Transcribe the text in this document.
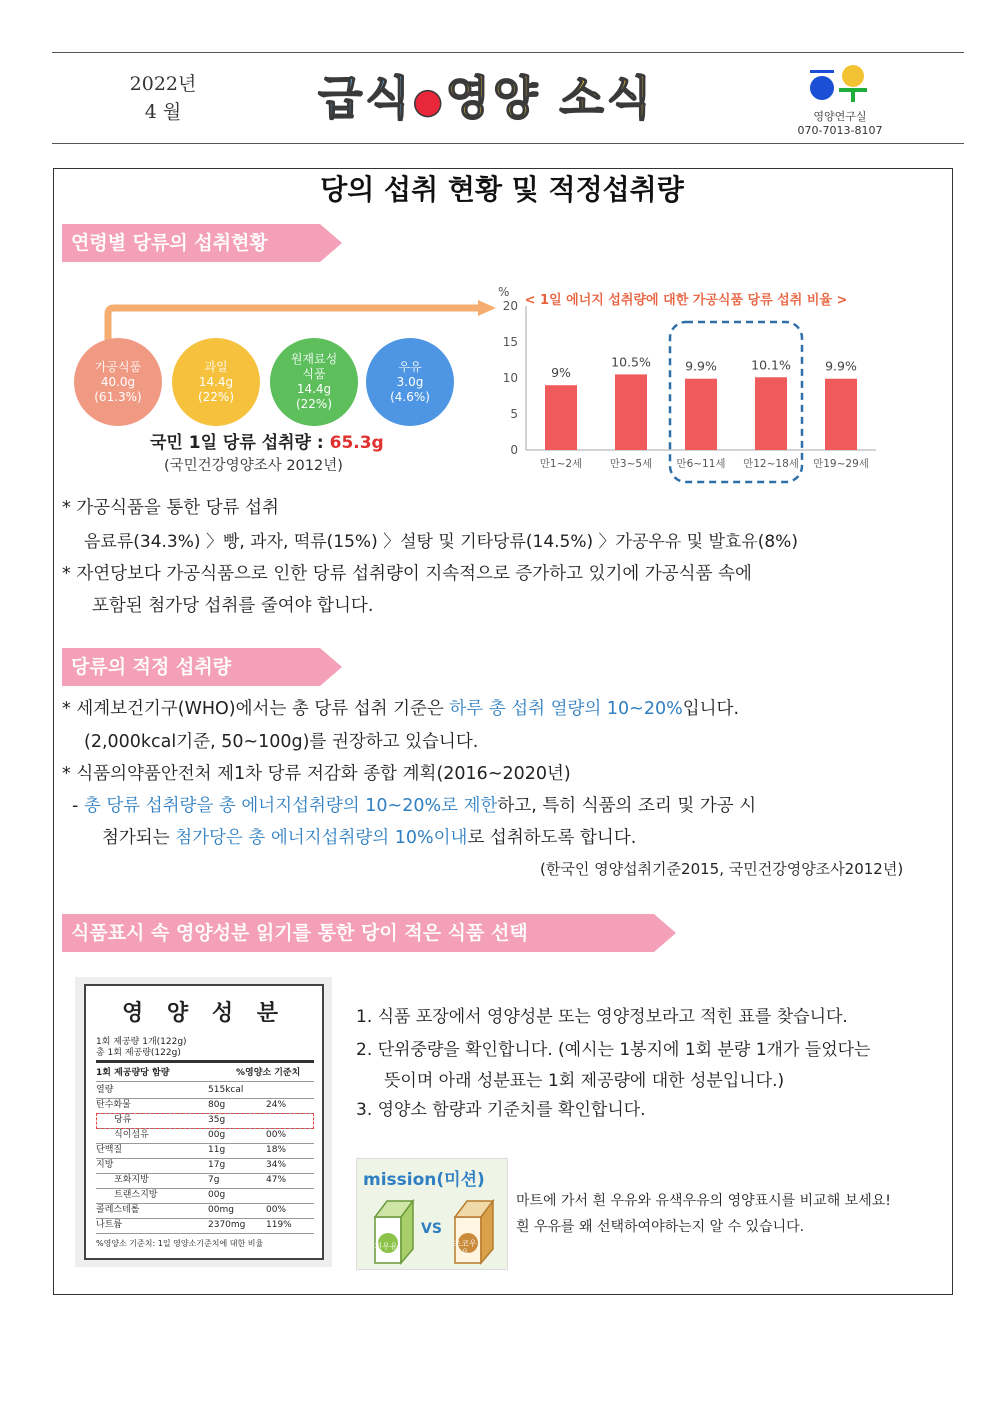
2022년
4 월	급식●영양 소식	영양연구실
070-7013-8107
당의 섭취 현황 및 적정섭취량
연령별 당류의 섭취현황
가공식품
40.0g
(61.3%)
과일
14.4g
(22%)
원재료성 식품
14.4g
(22%)
우유
3.0g
(4.6%)
국민 1일 당류 섭취량 : 65.3g
(국민건강영양조사 2012년)
< 1일 에너지 섭취량에 대한 가공식품 당류 섭취 비율 >
%
0
5
10
15
20
9%
만1~2세
10.5%
만3~5세
9.9%
만6~11세
10.1%
만12~18세
9.9%
만19~29세
* 가공식품을 통한 당류 섭취
음료류(34.3%) 〉빵, 과자, 떡류(15%) 〉설탕 및 기타당류(14.5%) 〉가공우유 및 발효유(8%)
* 자연당보다 가공식품으로 인한 당류 섭취량이 지속적으로 증가하고 있기에 가공식품 속에
포함된 첨가당 섭취를 줄여야 합니다.
당류의 적정 섭취량
* 세계보건기구(WHO)에서는 총 당류 섭취 기준은 하루 총 섭취 열량의 10~20%입니다.
(2,000kcal기준, 50~100g)를 권장하고 있습니다.
* 식품의약품안전처 제1차 당류 저감화 종합 계획(2016~2020년)
- 총 당류 섭취량을 총 에너지섭취량의 10~20%로 제한하고, 특히 식품의 조리 및 가공 시
첨가되는 첨가당은 총 에너지섭취량의 10%이내로 섭취하도록 합니다.
(한국인 영양섭취기준2015, 국민건강영양조사2012년)
식품표시 속 영양성분 읽기를 통한 당이 적은 식품 선택
영 양 성 분
1회 제공량 1개(122g)
총 1회 제공량(122g)
1회 제공량당 함량	%영양소 기준치
%영양소 기준치: 1일 영양소기준치에 대한 비율
열량	515kcal
탄수화물	80g	24%
당류	35g
식이섬유	00g	00%
단백질	11g	18%
지방	17g	34%
포화지방	7g	47%
트랜스지방	00g
콜레스테롤	00mg	00%
나트륨	2370mg 119%
1. 식품 포장에서 영양성분 또는 영양정보라고 적힌 표를 찾습니다.
2. 단위중량을 확인합니다. (예시는 1봉지에 1회 분량 1개가 들었다는
뜻이며 아래 성분표는 1회 제공량에 대한 성분입니다.)
3. 영양소 함량과 기준치를 확인합니다.
mission(미션)
흰우유
VS
초코우유
마트에 가서 흰 우유와 유색우유의 영양표시를 비교해 보세요!
흰 우유를 왜 선택하여야하는지 알 수 있습니다.
